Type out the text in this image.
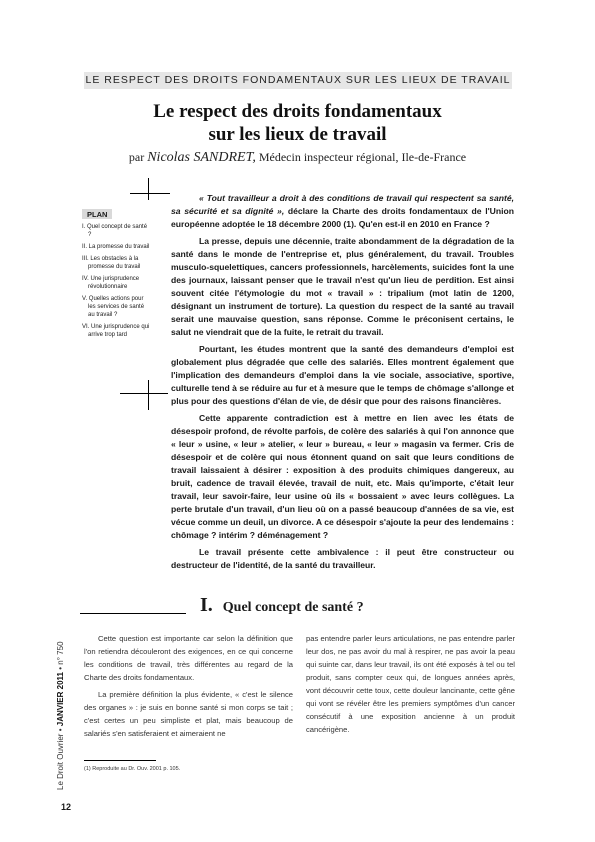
LE RESPECT DES DROITS FONDAMENTAUX SUR LES LIEUX DE TRAVAIL
Le respect des droits fondamentaux
sur les lieux de travail
par Nicolas SANDRET, Médecin inspecteur régional, Ile-de-France
PLAN
I. Quel concept de santé ?
II. La promesse du travail
III. Les obstacles à la promesse du travail
IV. Une jurisprudence révolutionnaire
V. Quelles actions pour les services de santé au travail ?
VI. Une jurisprudence qui arrive trop tard

« Tout travailleur a droit à des conditions de travail qui respectent sa santé, sa sécurité et sa dignité », déclare la Charte des droits fondamentaux de l'Union européenne adoptée le 18 décembre 2000 (1). Qu'en est-il en 2010 en France ?

La presse, depuis une décennie, traite abondamment de la dégradation de la santé dans le monde de l'entreprise et, plus généralement, du travail. Troubles musculo-squelettiques, cancers professionnels, harcèlements, suicides font la une des journaux, laissant penser que le travail n'est qu'un lieu de perdition. Est ainsi souvent citée l'étymologie du mot « travail » : tripalium (mot latin de 1200, désignant un instrument de torture). La question du respect de la santé au travail serait une mauvaise question, sans réponse. Comme le préconisent certains, le salut ne viendrait que de la fuite, le retrait du travail.

Pourtant, les études montrent que la santé des demandeurs d'emploi est globalement plus dégradée que celle des salariés. Elles montrent également que l'implication des demandeurs d'emploi dans la vie sociale, associative, sportive, culturelle tend à se réduire au fur et à mesure que le temps de chômage s'allonge et plus pour des questions d'élan de vie, de désir que pour des raisons financières.

Cette apparente contradiction est à mettre en lien avec les états de désespoir profond, de révolte parfois, de colère des salariés à qui l'on annonce que « leur » usine, « leur » atelier, « leur » bureau, « leur » magasin va fermer. Cris de désespoir et de colère qui nous étonnent quand on sait que leurs conditions de travail laissaient à désirer : exposition à des produits chimiques dangereux, au bruit, cadence de travail élevée, travail de nuit, etc. Mais qu'importe, c'était leur travail, leur savoir-faire, leur usine où ils « bossaient » avec leurs collègues. La perte brutale d'un travail, d'un lieu où on a passé beaucoup d'années de sa vie, est vécue comme un deuil, un divorce. A ce désespoir s'ajoute la peur des lendemains : chômage ? intérim ? déménagement ?

Le travail présente cette ambivalence : il peut être constructeur ou destructeur de l'identité, de la santé du travailleur.

I. Quel concept de santé ?

Cette question est importante car selon la définition que l'on retiendra découleront des exigences, en ce qui concerne les conditions de travail, très différentes au regard de la Charte des droits fondamentaux.

La première définition la plus évidente, « c'est le silence des organes » : je suis en bonne santé si mon corps se tait ; c'est certes un peu simpliste et plat, mais beaucoup de salariés s'en satisferaient et aimeraient ne

pas entendre parler leurs articulations, ne pas entendre parler leur dos, ne pas avoir du mal à respirer, ne pas avoir la peau qui suinte car, dans leur travail, ils ont été exposés à tel ou tel produit, sans compter ceux qui, de longues années après, vont découvrir cette toux, cette douleur lancinante, cette gêne qui vont se révéler être les premiers symptômes d'un cancer consécutif à une exposition ancienne à un produit cancérigène.

(1) Reproduite au Dr. Ouv. 2001 p. 105.
Le Droit Ouvrier • JANVIER 2011 • n° 750
12
